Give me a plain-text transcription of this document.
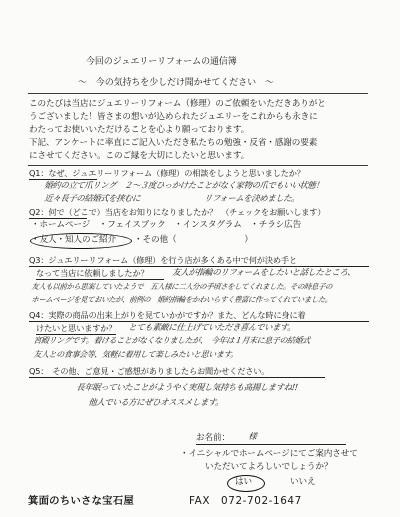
今回のジュエリーリフォームの通信簿
～　今の気持ちを少しだけ聞かせてください　～
このたびは当店にジュエリーリフォーム（修理）のご依頼をいただきありがと
うございました！皆さまの想いが込められたジュエリーをこれからも永きに
わたってお使いいただけることを心より願っております。
下記、アンケートに率直にご記入いただき私たちの勉強・反省・感謝の要素
にさせてください。このご縁を大切にしたいと思います。
Q1：なぜ、ジュエリーリフォーム（修理）の相談をしようと思いましたか？
婚約の立て爪リング　２～３度ひっかけたことがなく家物の爪でもいい状態！
近々長子の結婚式を挟むに　　　　　　　　リフォームを決めました。
Q2：何で（どこで）当店をお知りになりましたか？　（チェックをお願いします）
・ホームページ　・フェイスブック　・インスタグラム　・チラシ広告
・友人・知人のご紹介 ・その他（　　　　　　　　）
Q3：ジュエリーリフォーム（修理）を行う店が多くある中で何が決め手と
なって当店に依頼しましたか？	友人が指輪のリフォームをしたいと話したところ、
友人も以前から思案していたようで　五人様に二人分の手頃さをしてくれました。その時息子の
ホームページを見ておいたが、前例の　婚約指輪をかわいらすく豊富に作ってくれていました。
Q4：実際の商品の出来上がりを見ていかがですか？また、どんな時に身に着
けたいと思いますか？ とても素敵に仕上げていただき喜んでいます。
宮殿リングです。着けることがなくなりましたが、　今年は１月末に息子の結婚式
友人との食事会等、気軽に着用して楽しみたいと思います。
Q5：　その他、ご意見・ご感想がありましたらお聞かせください。
長年眠っていたことがようやく実現し気持ちも高揚しますね!!
他人でいる方にぜひオススメします。
お名前： 　　様
・イニシャルでホームページにてご案内させて
いただいてよろしいでしょうか？
はい	いいえ
箕面のちいさな宝石屋	FAX　072-702-1647
